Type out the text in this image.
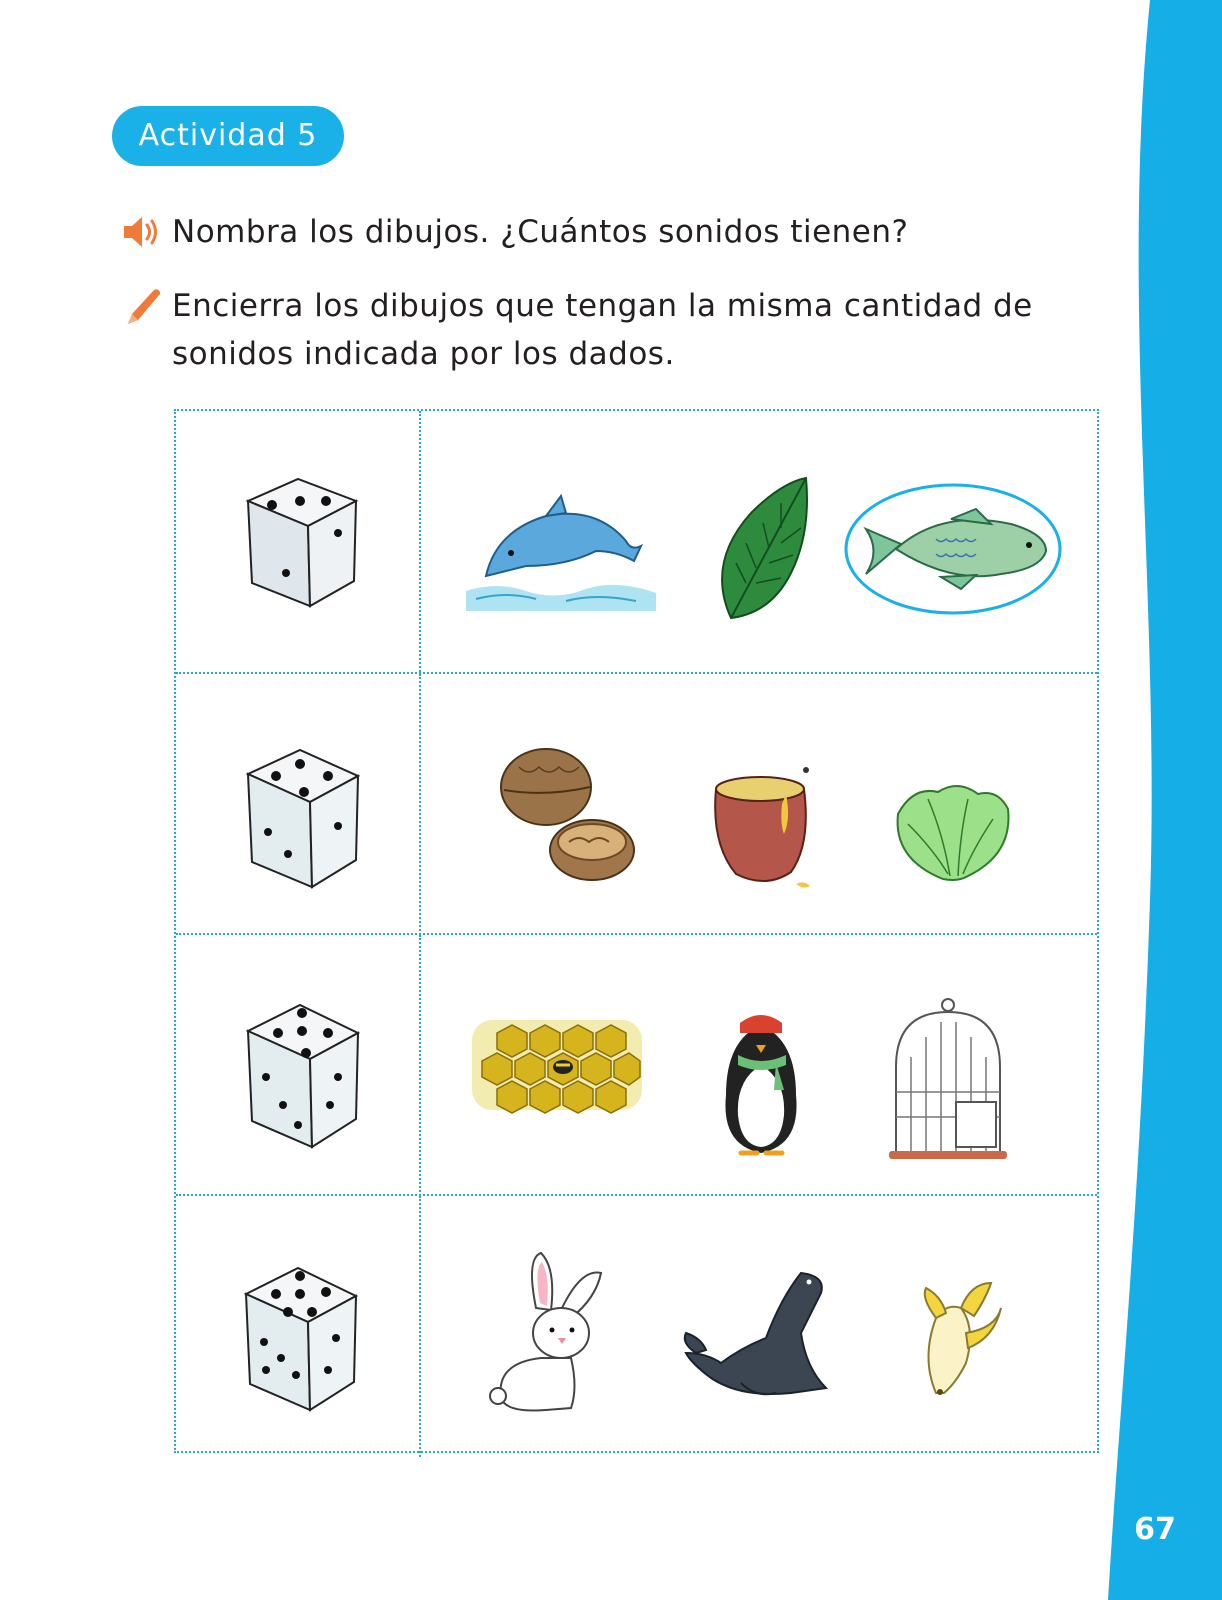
Actividad 5
Nombra los dibujos. ¿Cuántos sonidos tienen?
Encierra los dibujos que tengan la misma cantidad de sonidos indicada por los dados.
67
